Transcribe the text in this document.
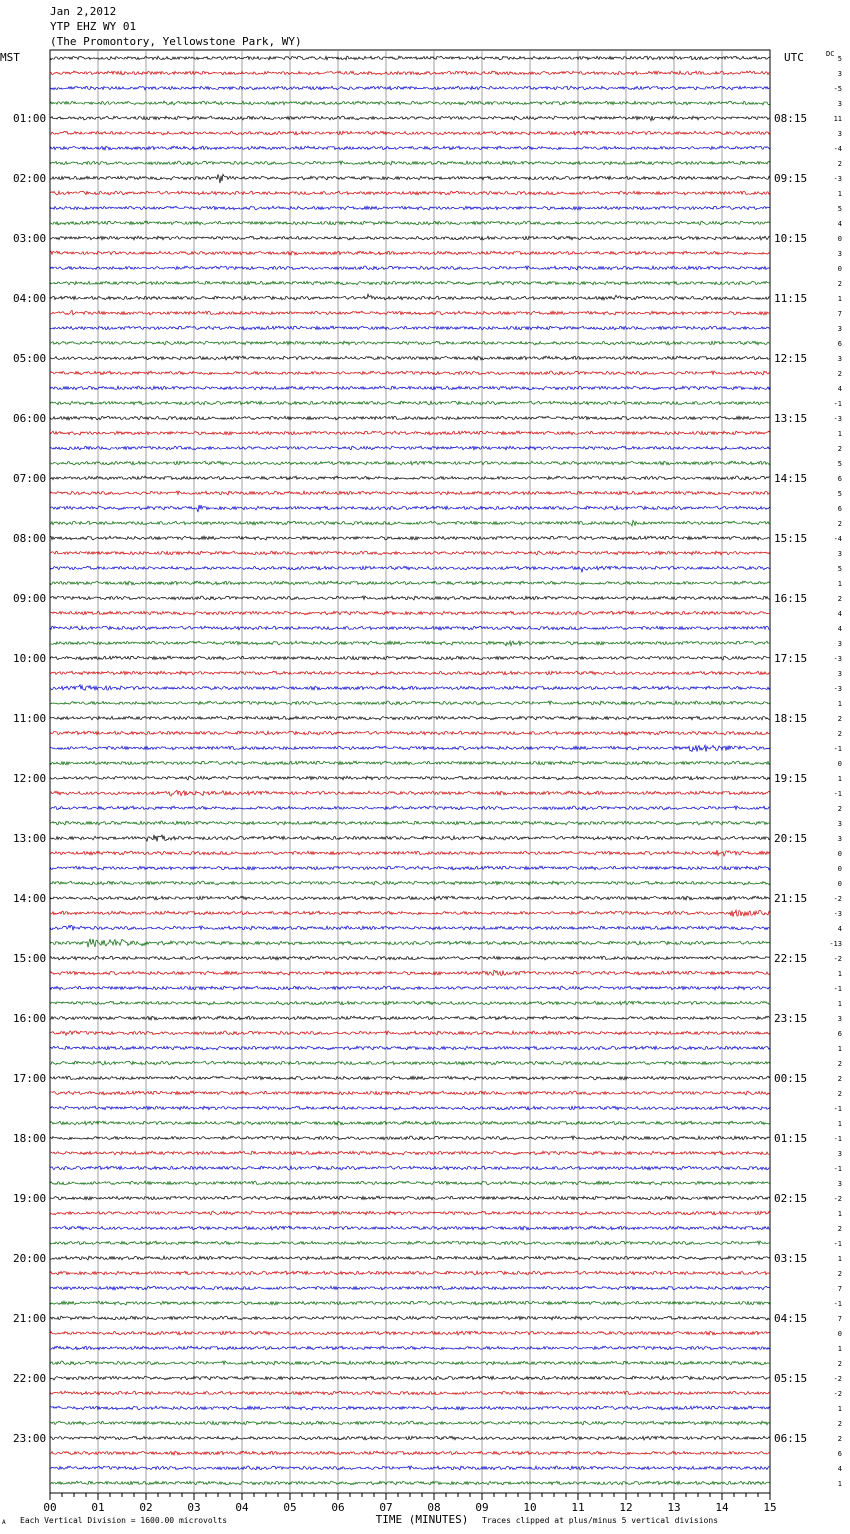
Jan 2,2012
YTP EHZ WY 01
(The Promontory, Yellowstone Park, WY)
MST	UTC	DC
TIME (MINUTES)
5
3
-5
3
11
3
-4
2
-3
1
5
4
0
3
0
2
1
7
3
6
3
2
4
-1
-3
1
2
5
6
5
6
2
-4
3
5
1
2
4
4
3
-3
3
-3
1
2
2
-1
0
1
-1
2
3
3
0
0
0
-2
-3
4
-13
-2
1
-1
1
3
6
1
2
2
2
-1
1
-1
3
-1
3
-2
1
2
-1
1
2
7
-1
7
0
1
2
-2
-2
1
2
2
6
4
1
01:00
02:00
03:00
04:00
05:00
06:00
07:00
08:00
09:00
10:00
11:00
12:00
13:00
14:00
15:00
16:00
17:00
18:00
19:00
20:00
21:00
22:00
23:00
08:15
09:15
10:15
11:15
12:15
13:15
14:15
15:15
16:15
17:15
18:15
19:15
20:15
21:15
22:15
23:15
00:15
01:15
02:15
03:15
04:15
05:15
06:15
00	01	02	03	04	05	06	07	08	09	10	11	12	13	14	15
Each Vertical Division = 1600.00 microvolts	Traces clipped at plus/minus 5 vertical divisions
A
